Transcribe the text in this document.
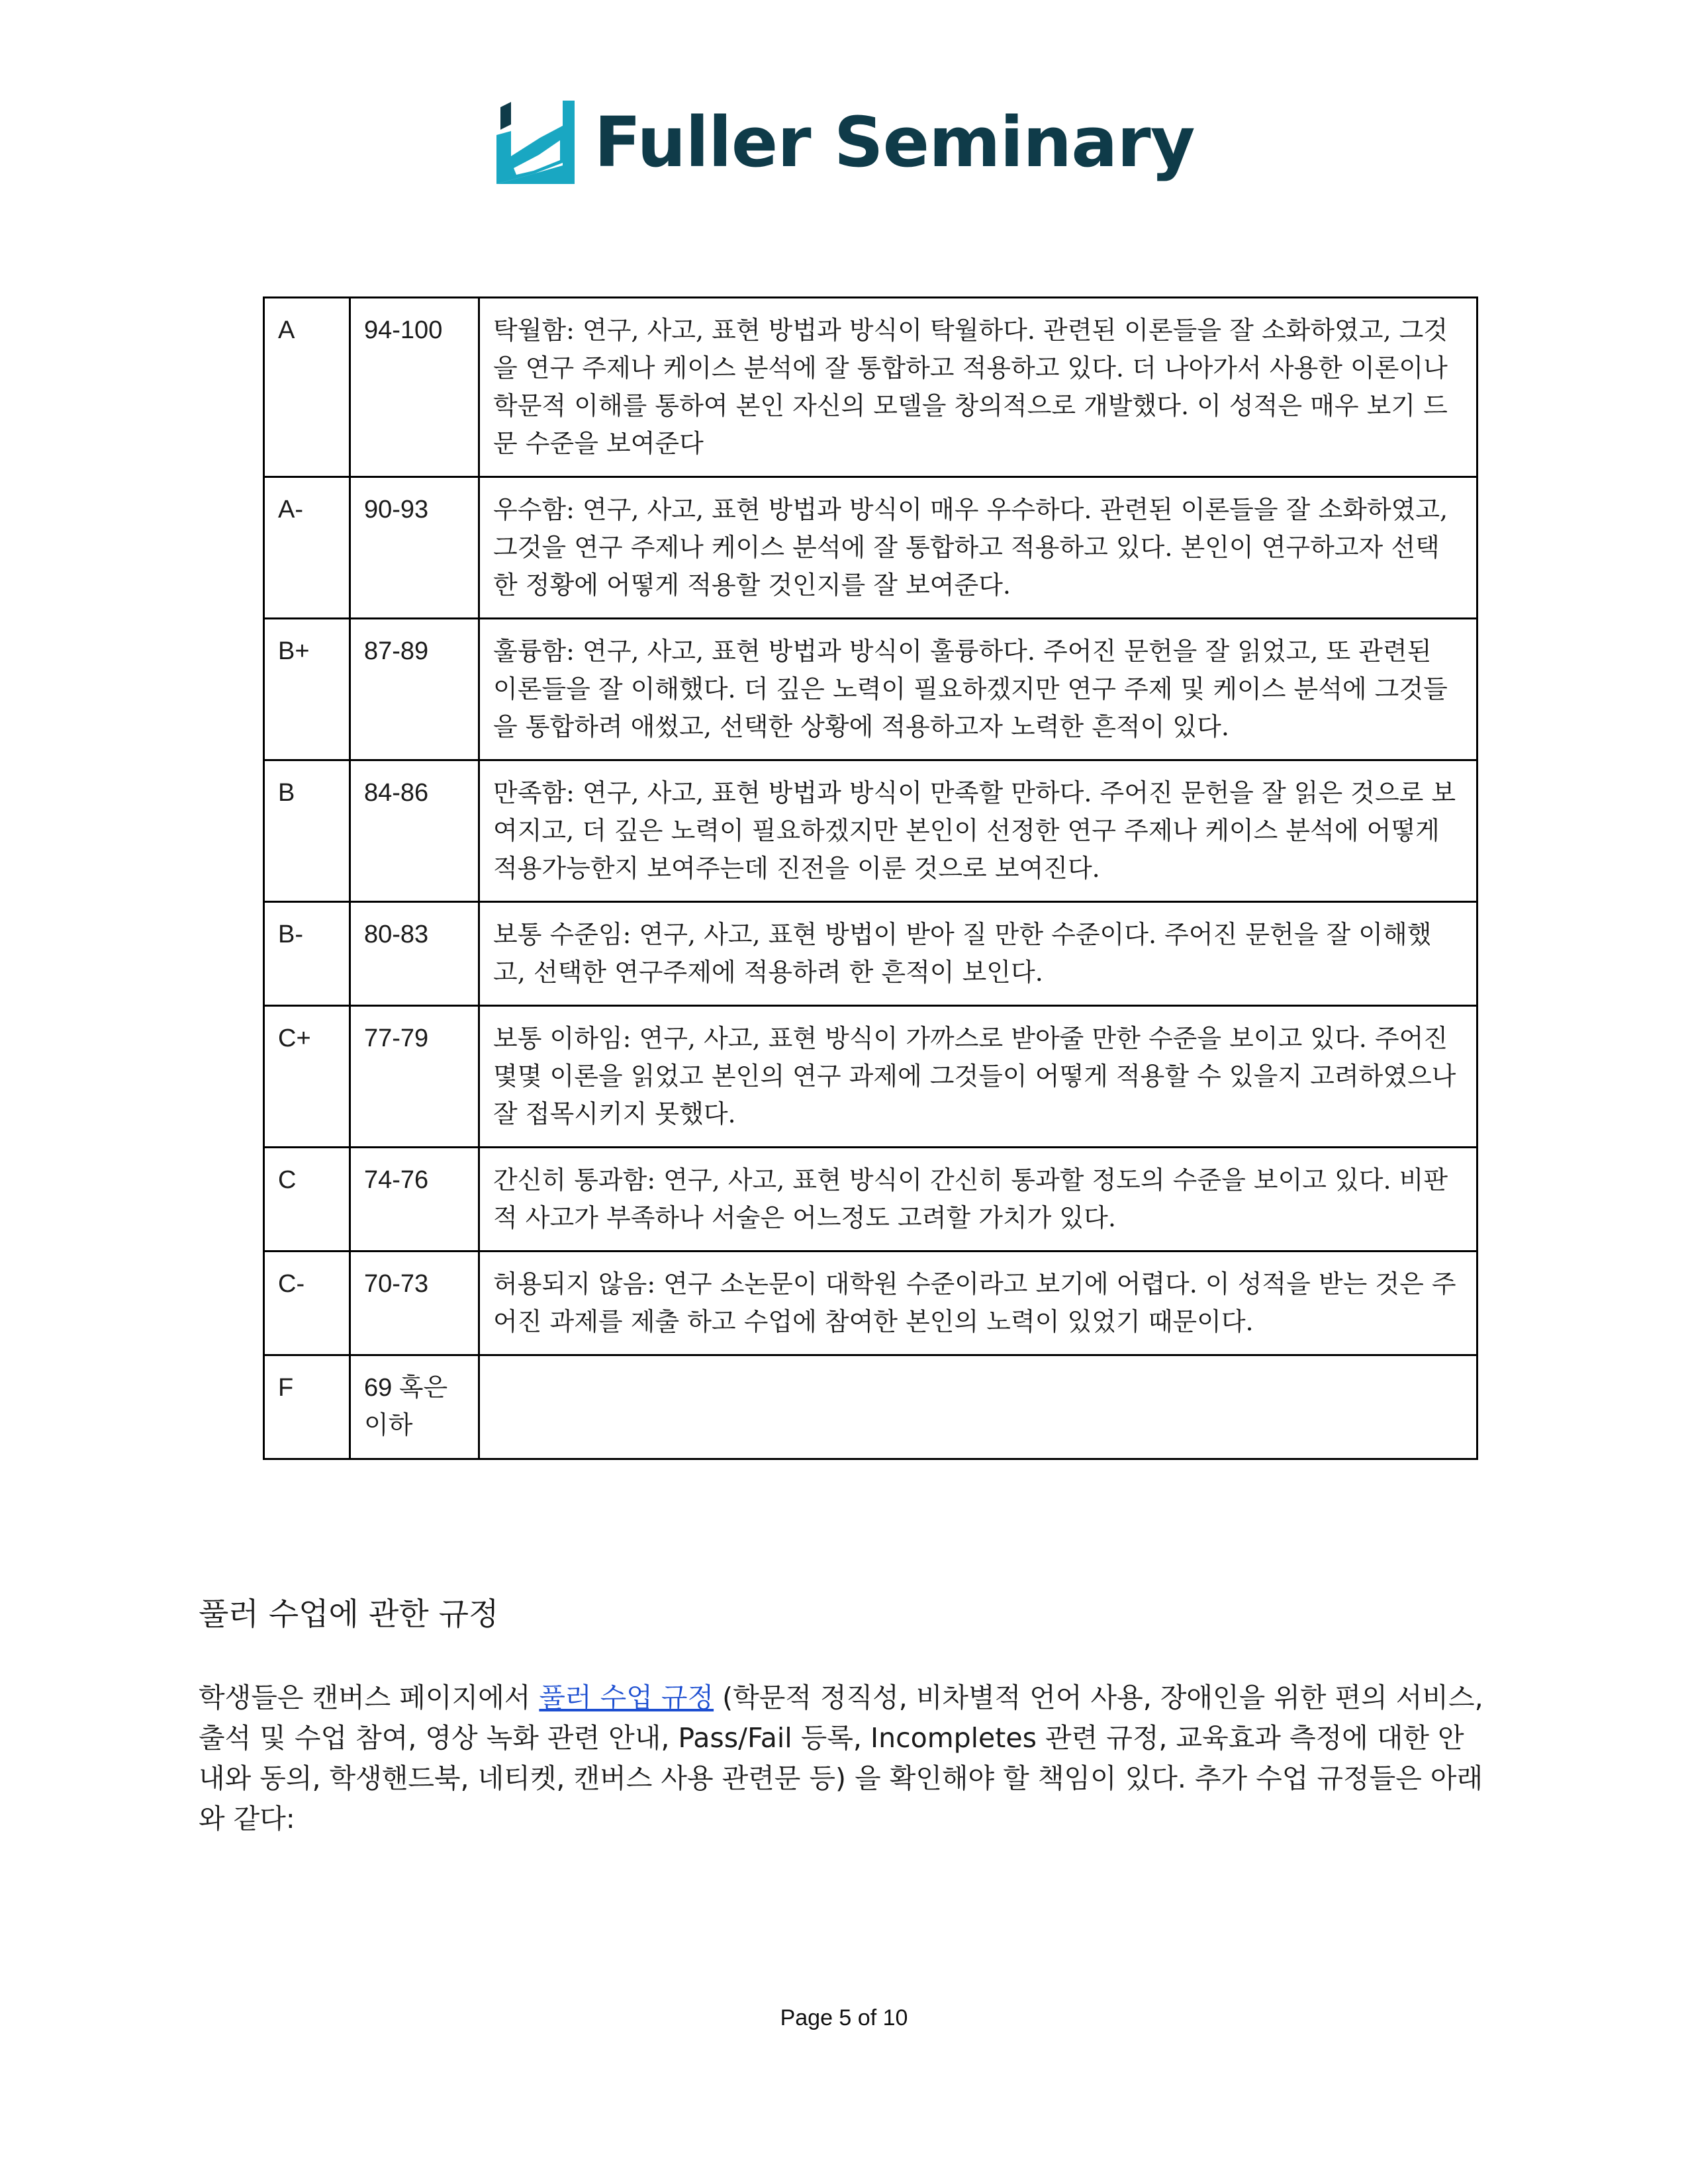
Fuller Seminary
A	94-100	탁월함: 연구, 사고, 표현 방법과 방식이 탁월하다. 관련된 이론들을 잘 소화하였고, 그것을 연구 주제나 케이스 분석에 잘 통합하고 적용하고 있다. 더 나아가서 사용한 이론이나 학문적 이해를 통하여 본인 자신의 모델을 창의적으로 개발했다. 이 성적은 매우 보기 드문 수준을 보여준다
A-	90-93	우수함: 연구, 사고, 표현 방법과 방식이 매우 우수하다. 관련된 이론들을 잘 소화하였고, 그것을 연구 주제나 케이스 분석에 잘 통합하고 적용하고 있다. 본인이 연구하고자 선택한 정황에 어떻게 적용할 것인지를 잘 보여준다.
B+	87-89	훌륭함: 연구, 사고, 표현 방법과 방식이 훌륭하다. 주어진 문헌을 잘 읽었고, 또 관련된 이론들을 잘 이해했다. 더 깊은 노력이 필요하겠지만 연구 주제 및 케이스 분석에 그것들을 통합하려 애썼고, 선택한 상황에 적용하고자 노력한 흔적이 있다.
B	84-86	만족함: 연구, 사고, 표현 방법과 방식이 만족할 만하다. 주어진 문헌을 잘 읽은 것으로 보여지고, 더 깊은 노력이 필요하겠지만 본인이 선정한 연구 주제나 케이스 분석에 어떻게 적용가능한지 보여주는데 진전을 이룬 것으로 보여진다.
B-	80-83	보통 수준임: 연구, 사고, 표현 방법이 받아 질 만한 수준이다. 주어진 문헌을 잘 이해했고, 선택한 연구주제에 적용하려 한 흔적이 보인다.
C+	77-79	보통 이하임: 연구, 사고, 표현 방식이 가까스로 받아줄 만한 수준을 보이고 있다. 주어진 몇몇 이론을 읽었고 본인의 연구 과제에 그것들이 어떻게 적용할 수 있을지 고려하였으나 잘 접목시키지 못했다.
C	74-76	간신히 통과함: 연구, 사고, 표현 방식이 간신히 통과할 정도의 수준을 보이고 있다. 비판적 사고가 부족하나 서술은 어느정도 고려할 가치가 있다.
C-	70-73	허용되지 않음: 연구 소논문이 대학원 수준이라고 보기에 어렵다. 이 성적을 받는 것은 주어진 과제를 제출 하고 수업에 참여한 본인의 노력이 있었기 때문이다.
F	69 혹은 이하	
풀러 수업에 관한 규정

학생들은 캔버스 페이지에서 풀러 수업 규정 (학문적 정직성, 비차별적 언어 사용, 장애인을 위한 편의 서비스, 출석 및 수업 참여, 영상 녹화 관련 안내, Pass/Fail 등록, Incompletes 관련 규정, 교육효과 측정에 대한 안내와 동의, 학생핸드북, 네티켓, 캔버스 사용 관련문 등) 을 확인해야 할 책임이 있다. 추가 수업 규정들은 아래와 같다:

Page 5 of 10
